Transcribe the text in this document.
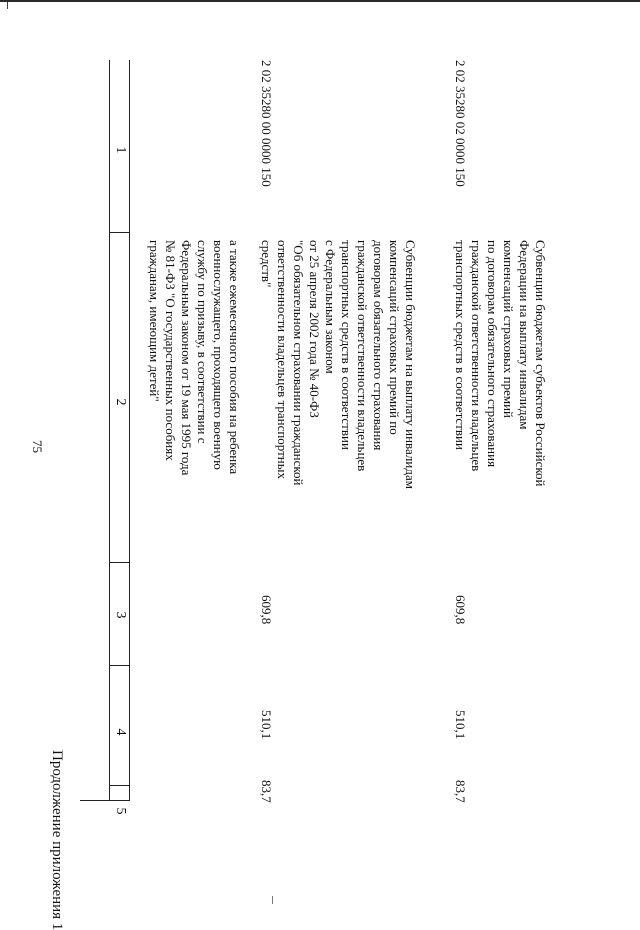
75
Продолжение приложения 1
1
2
3
4
5
а также ежемесячного пособия на ребенка
военнослужащего, проходящего военную
службу по призыву, в соответствии с
Федеральным законом от 19 мая 1995 года
№ 81-ФЗ "О государственных пособиях
гражданам, имеющим детей"
2 02 35280 00 0000 150
Субвенции бюджетам на выплату инвалидам
компенсаций страховых премий по
договорам обязательного страхования
гражданской ответственности владельцев
транспортных средств в соответствии
с Федеральным законом
от 25 апреля 2002 года № 40-ФЗ
"Об обязательном страховании гражданской
ответственности владельцев транспортных
средств"
609,8
510,1
83,7
2 02 35280 02 0000 150
Субвенции бюджетам субъектов Российской
Федерации на выплату инвалидам
компенсаций страховых премий
по договорам обязательного страхования
гражданской ответственности владельцев
транспортных средств в соответствии
609,8
510,1
83,7
